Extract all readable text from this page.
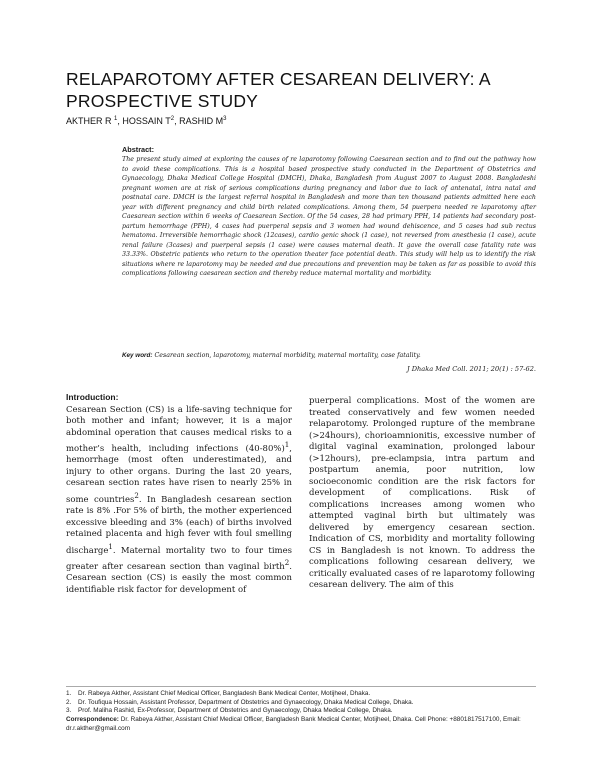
RELAPAROTOMY AFTER CESAREAN DELIVERY: A PROSPECTIVE STUDY
AKTHER R $^1$, HOSSAIN $T^2$, RASHID $M^3$
Abstract:
The present study aimed at exploring the causes of re laparotomy following Caesarean section and to find out the pathway how to avoid these complications. This is a hospital based prospective study conducted in the Department of Obstetrics and Gynaecology, Dhaka Medical College Hospital (DMCH), Dhaka, Bangladesh from August 2007 to August 2008. Bangladeshi pregnant women are at risk of serious complications during pregnancy and labor due to lack of antenatal, intra natal and postnatal care. DMCH is the largest referral hospital in Bangladesh and more than ten thousand patients admitted here each year with different pregnancy and child birth related complications. Among them, 54 puerpera needed re laparotomy after Caesarean section within 6 weeks of Caesarean Section. Of the 54 cases, 28 had primary PPH, 14 patients had secondary post-partum hemorrhage (PPH), 4 cases had puerperal sepsis and 3 women had wound dehiscence, and 5 cases had sub rectus hematoma. Irreversible hemorrhagic shock (12cases), cardio genic shock (1 case), not reversed from anesthesia (1 case), acute renal failure (3cases) and puerperal sepsis (1 case) were causes maternal death. It gave the overall case fatality rate was 33.33%. Obstetric patients who return to the operation theater face potential death. This study will help us to identify the risk situations where re laparotomy may be needed and due precautions and prevention may be taken as far as possible to avoid this complications following caesarean section and thereby reduce maternal mortality and morbidity.
Key word: Cesarean section, laparotomy, maternal morbidity, maternal mortality, case fatality.
J Dhaka Med Coll. 2011; 20(1) : 57-62.
Introduction:
Cesarean Section (CS) is a life-saving technique for both mother and infant; however, it is a major abdominal operation that causes medical risks to a mother’s health, including infections $(40-80\%)^1$, hemorrhage (most often underestimated), and injury to other organs. During the last 20 years, cesarean section rates have risen to nearly 25% in some countries$^2$. In Bangladesh cesarean section rate is 8% .For 5% of birth, the mother experienced excessive bleeding and 3% (each) of births involved retained placenta and high fever with foul smelling discharge$^1$. Maternal mortality two to four times greater after cesarean section than vaginal birth$^2$. Cesarean section (CS) is easily the most common identifiable risk factor for development of
puerperal complications. Most of the women are treated conservatively and few women needed relaparotomy. Prolonged rupture of the membrane (>24hours), chorioamnionitis, excessive number of digital vaginal examination, prolonged labour (>12hours), pre-eclampsia, intra partum and postpartum anemia, poor nutrition, low socioeconomic condition are the risk factors for development of complications. Risk of complications increases among women who attempted vaginal birth but ultimately was delivered by emergency cesarean section. Indication of CS, morbidity and mortality following CS in Bangladesh is not known. To address the complications following cesarean delivery, we critically evaluated cases of re laparotomy following cesarean delivery. The aim of this
1.	Dr. Rabeya Akther, Assistant Chief Medical Officer, Bangladesh Bank Medical Center, Motijheel, Dhaka.
2.	Dr. Toufiqua Hossain, Assistant Professor, Department of Obstetrics and Gynaecology, Dhaka Medical College, Dhaka.
3.	Prof. Maliha Rashid, Ex-Professor, Department of Obstetrics and Gynaecology, Dhaka Medical College, Dhaka.
Correspondence: Dr. Rabeya Akther, Assistant Chief Medical Officer, Bangladesh Bank Medical Center, Motijheel, Dhaka. Cell Phone: +8801817517100, Email: dr.r.akther@gmail.com
